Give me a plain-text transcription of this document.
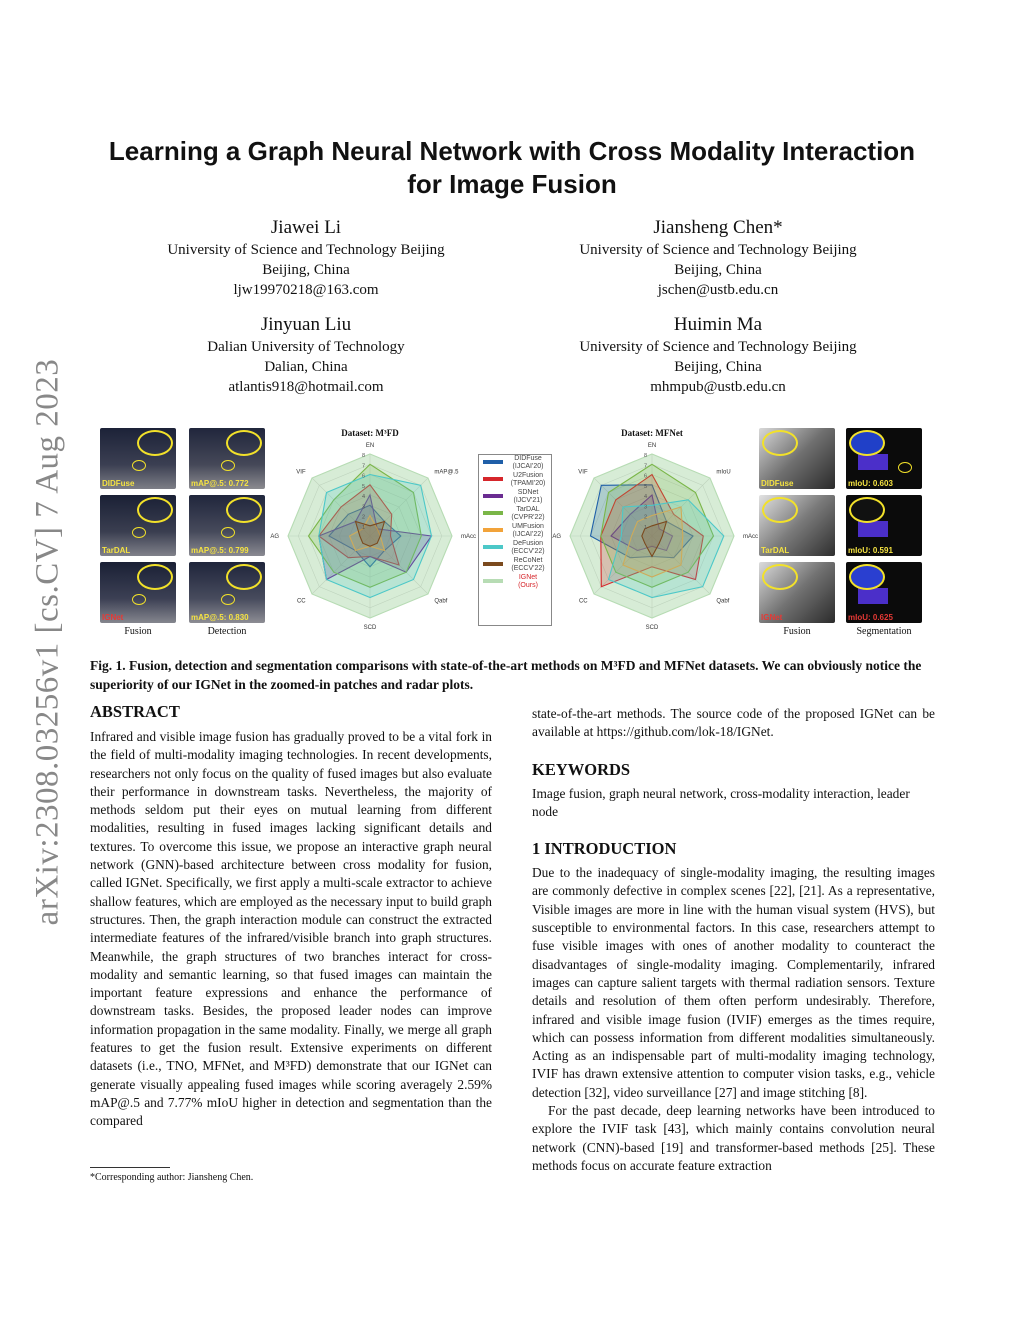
arXiv:2308.03256v1 [cs.CV] 7 Aug 2023
Learning a Graph Neural Network with Cross Modality Interaction for Image Fusion
Jiawei Li
University of Science and Technology Beijing
Beijing, China
ljw19970218@163.com
Jiansheng Chen*
University of Science and Technology Beijing
Beijing, China
jschen@ustb.edu.cn
Jinyuan Liu
Dalian University of Technology
Dalian, China
atlantis918@hotmail.com
Huimin Ma
University of Science and Technology Beijing
Beijing, China
mhmpub@ustb.edu.cn
DIDFuse	mAP@.5: 0.772
TarDAL	mAP@.5: 0.799
IGNet	mAP@.5: 0.830
Fusion	Detection
Dataset: M³FD
1
2
3
4
5
6
7
8
EN
mAP@.5
mAcc
Qabf
SCD
CC
AG
VIF
Dataset: MFNet
1
2
3
4
5
6
7
8
EN
mIoU
mAcc
Qabf
SCD
CC
AG
VIF
DIDFuse
(IJCAI'20)
U2Fusion
(TPAMI'20)
SDNet
(IJCV'21)
TarDAL
(CVPR'22)
UMFusion
(IJCAI'22)
DeFusion
(ECCV'22)
ReCoNet
(ECCV'22)
IGNet
(Ours)
DIDFuse	mIoU: 0.603
TarDAL	mIoU: 0.591
IGNet	mIoU: 0.625
Fusion	Segmentation
Fig. 1. Fusion, detection and segmentation comparisons with state-of-the-art methods on M³FD and MFNet datasets. We can obviously notice the superiority of our IGNet in the zoomed-in patches and radar plots.
ABSTRACT
Infrared and visible image fusion has gradually proved to be a vital fork in the field of multi-modality imaging technologies. In recent developments, researchers not only focus on the quality of fused images but also evaluate their performance in downstream tasks. Nevertheless, the majority of methods seldom put their eyes on mutual learning from different modalities, resulting in fused images lacking significant details and textures. To overcome this issue, we propose an interactive graph neural network (GNN)-based architecture between cross modality for fusion, called IGNet. Specifically, we first apply a multi-scale extractor to achieve shallow features, which are employed as the necessary input to build graph structures. Then, the graph interaction module can construct the extracted intermediate features of the infrared/visible branch into graph structures. Meanwhile, the graph structures of two branches interact for cross-modality and semantic learning, so that fused images can maintain the important feature expressions and enhance the performance of downstream tasks. Besides, the proposed leader nodes can improve information propagation in the same modality. Finally, we merge all graph features to get the fusion result. Extensive experiments on different datasets (i.e., TNO, MFNet, and M³FD) demonstrate that our IGNet can generate visually appealing fused images while scoring averagely 2.59% mAP@.5 and 7.77% mIoU higher in detection and segmentation than the compared
state-of-the-art methods. The source code of the proposed IGNet can be available at https://github.com/lok-18/IGNet.
KEYWORDS
Image fusion, graph neural network, cross-modality interaction, leader node
1 INTRODUCTION
Due to the inadequacy of single-modality imaging, the resulting images are commonly defective in complex scenes [22], [21]. As a representative, Visible images are more in line with the human visual system (HVS), but susceptible to environmental factors. In this case, researchers attempt to fuse visible images with ones of another modality to counteract the disadvantages of single-modality imaging. Complementarily, infrared images can capture salient targets with thermal radiation sensors. Texture details and resolution of them often perform undesirably. Therefore, infrared and visible image fusion (IVIF) emerges as the times require, which can possess information from different modalities simultaneously. Acting as an indispensable part of multi-modality imaging technology, IVIF has drawn extensive attention to computer vision tasks, e.g., vehicle detection [32], video surveillance [27] and image stitching [8].
For the past decade, deep learning networks have been introduced to explore the IVIF task [43], which mainly contains convolution neural network (CNN)-based [19] and transformer-based methods [25]. These methods focus on accurate feature extraction
*Corresponding author: Jiansheng Chen.
